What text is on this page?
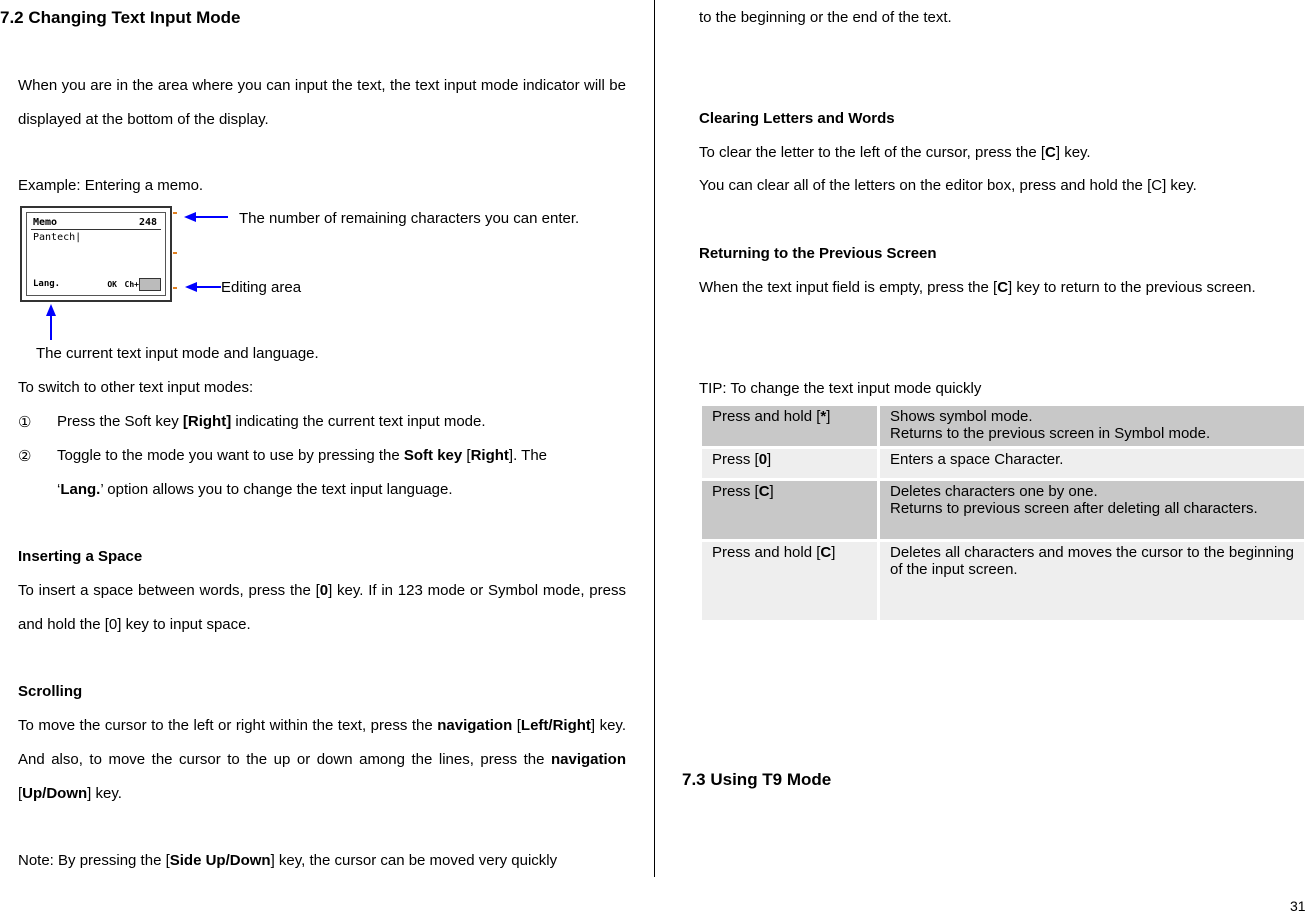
7.2 Changing Text Input Mode
When you are in the area where you can input the text, the text input mode indicator will be displayed at the bottom of the display.
Example: Entering a memo.
Memo	248
Pantech|
Lang.	OK Ch+
The number of remaining characters you can enter.
Editing area
The current text input mode and language.
To switch to other text input modes:
① Press the Soft key [Right] indicating the current text input mode.
② Toggle to the mode you want to use by pressing the Soft key [Right]. The
‘Lang.’ option allows you to change the text input language.
Inserting a Space
To insert a space between words, press the [0] key. If in 123 mode or Symbol mode, press and hold the [0] key to input space.
Scrolling
To move the cursor to the left or right within the text, press the navigation [Left/Right] key. And also, to move the cursor to the up or down among the lines, press the navigation [Up/Down] key.
Note: By pressing the [Side Up/Down] key, the cursor can be moved very quickly
to the beginning or the end of the text.
Clearing Letters and Words
To clear the letter to the left of the cursor, press the [C] key.
You can clear all of the letters on the editor box, press and hold the [C] key.
Returning to the Previous Screen
When the text input field is empty, press the [C] key to return to the previous screen.
TIP: To change the text input mode quickly
Press and hold [*]	Shows symbol mode.
Returns to the previous screen in Symbol mode.

Press [0]	Enters a space Character.

Press [C]	Deletes characters one by one.
Returns to previous screen after deleting all characters.

Press and hold [C]	Deletes all characters and moves the cursor to the beginning of the input screen.
7.3 Using T9 Mode
31
